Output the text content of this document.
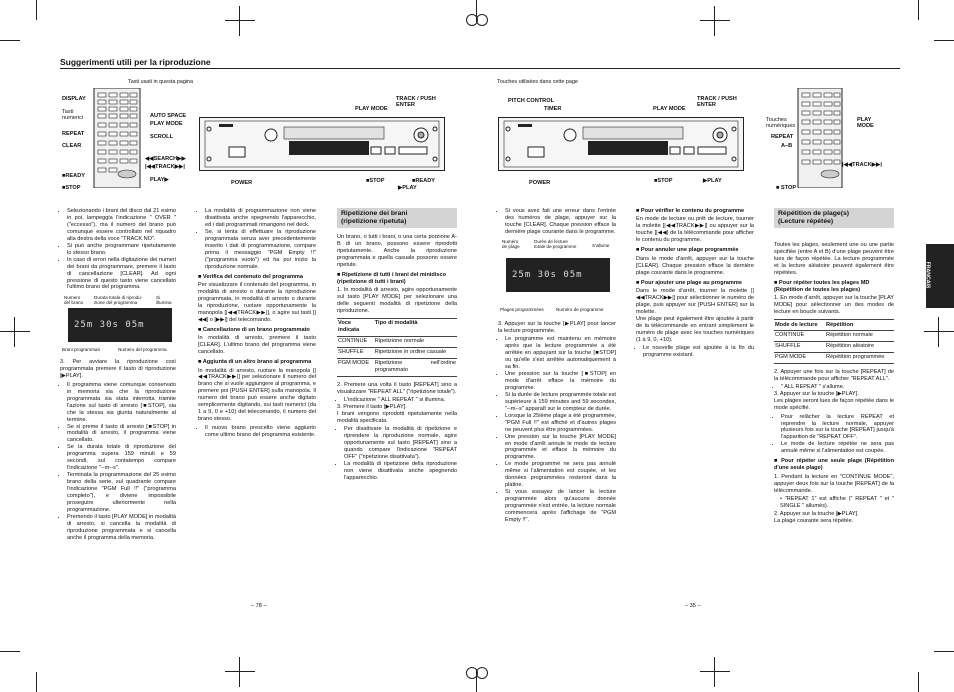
Suggerimenti utili per la riproduzione
Tasti usati in questa pagina
DISPLAY
Tasti
numerici
REPEAT
CLEAR
■READY
■STOP
AUTO SPACE
PLAY MODE
SCROLL
◀◀SEARCH▶▶
|◀◀TRACK▶▶|
PLAY▶
PLAY MODE
TRACK / PUSH
ENTER
POWER	■STOP	■READY
▶PLAY
Touches utilisées dans cette page
PITCH CONTROL
TIMER	PLAY MODE
TRACK / PUSH
ENTER
POWER	■STOP	▶PLAY
Touches
numériques
REPEAT
A–B
PLAY
MODE
|◀◀TRACK▶▶|
■ STOP
• Selezionando i brani del disco dal 21 esimo in poi, lampeggia l'indicazione " OVER " ("eccesso"), ma il numero del brano può comunque essere controllato nel riquadro alla destra della voce "TRACK NO".
• Si può anche programmare ripetutamente lo stesso brano.
• In caso di errori nella digitazione dei numeri dei brani da programmare, premere il tasto di cancellazione [CLEAR]. Ad ogni pressione di questo tasto viene cancellato l'ultimo brano del programma.
Numero
del brano
Durata totale di riprodu-
zione del programma
Si
illumina
25m 30s 05m
Brani programmati	Numero del programma

3. Per avviare la riproduzione così programmata premere il tasto di riproduzione [▶PLAY].

• Il programma viene comunque conservato in memoria sia che la riproduzione programmata sia stata interrotta tramite l'azione sul tasto di arresto [■STOP], sia che la stessa sia giunta naturalmente al termine.
• Se si preme il tasto di arresto [■STOP] in modalità di arresto, il programma viene cancellato.
• Se la durata totale di riproduzione del programma supera 159 minuti e 59 secondi, sul contatempo compare l'indicazione "--m--s".
• Terminata la programmazione del 25 esimo brano della serie, sul quadrante compare l'indicazione "PGM Full !!" ("programma completo"), e diviene impossibile proseguire ulteriormente nella programmazione.
• Premendo il tasto [PLAY MODE] in modalità di arresto, si cancella la modalità di riproduzione programmata e si cancella anche il programma della memoria.
• La modalità di programmazione non viene disattivata anche spegnendo l'apparecchio, ed i dati programmati rimangono nel deck.
• Se, si tenta di effettuare la riproduzione programmata senza aver precedentemente inserito i dati di programmazione, compare prima il messaggio "PGM Empty !!" ("programma vuoto") ed ha poi inizio la riproduzione normale.

■ Verifica del contenuto del programma

Per visualizzare il contenuto del programma, in modalità di arresto o durante la riproduzione programmata, in modalità di arresto o durante la riproduzione, ruotare opportunamente la manopola [|◀◀TRACK▶▶|], o agire sui tasti [|◀◀] o [▶▶|] del telecomando.

■ Cancellazione di un brano programmato

In modalità di arresto, premere il tasto [CLEAR]. L'ultimo brano del programma viene cancellato.

■ Aggiunta di un altro brano al programma

In modalità di arresto, ruotare la manopola [|◀◀TRACK▶▶|] per selezionare il numero del brano che si vuole aggiungere al programma, e premere poi [PUSH ENTER] sulla manopola. Il numero del brano può essere anche digitato semplicemente digitando, sui tasti numerici (da 1 a 9, 0 e +10) del telecomando, il numero del brano stesso.

• Il nuovo brano prescelto viene aggiunto come ultimo brano del programma esistente.
Ripetizione dei brani
(ripetizione ripetuta)

Un brano, o tutti i brani, o una certa porzione A-B di un brano, possono essere riprodotti ripetutamente. Anche la riproduzione programmata e quella casuale possono essere ripetute.

■ Ripetizione di tutti i brani del minidisco
(ripetizione di tutti i brani)

1. In modalità di arresto, agire opportunamente sul tasto [PLAY MODE] per selezionare una delle seguenti modalità di ripetizione della riproduzione.

Voce indicata	Tipo di modalità
CONTINUE	Ripetizione normale
SHUFFLE	Ripetizione in ordine casuale
PGM MODE	Ripetizione nell'ordine programmato

2. Premere una volta il tasto [REPEAT] sino a visualizzare "REPEAT ALL" ("ripetizione totale").

• L'indicazione " ALL REPEAT " si illumina.

3. Premere il tasto [▶PLAY].
I brani vengono riprodotti ripetutamente nella modalità specificata.

• Per disattivare la modalità di ripetizione e riprendere la riproduzione normale, agire opportunamente sul tasto [REPEAT] sino a quando compare l'indicazione "REPEAT OFF" ("ripetizione disattivata").
• La modalità di ripetizione della riproduzione non viene disattivata anche spegnendo l'apparecchio.
– 78 –
• Si vous avez fait une erreur dans l'entrée des numéros de plage, appuyer sur la touche [CLEAR]. Chaque pression efface la dernière plage courante dans le programme.
Numéro
de plage
Durée de lecture
totale de programme	S'allume
25m 30s 05m
Plages programmées	Numéro de programme

3. Appuyer sur la touche [▶PLAY] pour lancer la lecture programmée.

• Le programme est maintenu en mémoire après que la lecture programmée a été arrêtée en appuyant sur la touche [■STOP] ou qu'elle s'est arrêtée automatiquement à sa fin.
• Une pression sur la touche [■STOP] en mode d'arrêt efface la mémoire du programme.
• Si la durée de lecture programmée totale est supérieure à 159 minutes and 59 secondes, "--m--s" apparaît sur le compteur de durée.
• Lorsque la 25ième plage a été programmée, "PGM Full !!" est affiché et d'autres plages ne peuvent plus être programmées.
• Une pression sur la touche [PLAY MODE] en mode d'arrêt annule le mode de lecture programmée et efface la mémoire du programme.
• Le mode programmé ne sera pas annulé même si l'alimentation est coupée, et les données programmées resteront dans la platine.
• Si vous essayez de lancer la lecture programmée alors qu'aucune donnée programmée n'est entrée, la lecture normale commencera après l'affichage de "PGM Empty !!".

■ Pour vérifier le contenu du programme

En mode de lecture ou prêt de lecture, tourner la molette [|◀◀TRACK▶▶|] ou appuyer sur la touche [|◀◀] de la télécommande pour afficher le contenu du programme.

■ Pour annuler une plage programmée

Dans le mode d'arrêt, appuyer sur la touche [CLEAR]. Chaque pression efface la dernière plage courante dans le programme.

■ Pour ajouter une plage au programme

Dans le mode d'arrêt, tourner la molette [|◀◀TRACK▶▶|] pour sélectionner le numéro de plage, puis appuyer sur [PUSH ENTER] sur la molette.
Une plage peut également être ajoutée à partir de la télécommande en entrant simplement le numéro de plage avec les touches numériques (1 à 9, 0, +10).

• Le nouvelle plage est ajoutée à la fin du programme existant.
Répétition de plage(s)
(Lecture répétée)

Toutes les plages, seulement une ou une partie spécifiée (entre A et B) d'une plage peuvent être lues de façon répétée. La lecture programmée et la lecture aléatoire peuvent également être répétées.

■ Pour répéter toutes les plages MD
(Répétition de toutes les plages)

1. En mode d'arrêt, appuyer sur la touche [PLAY MODE] pour sélectionner un des modes de lecture en boucle suivants.

Mode de lecture	Répétition
CONTINUE	Répétition normale
SHUFFLE	Répétition aléatoire
PGM MODE	Répétition programmée

2. Appuyer une fois sur la touche [REPEAT] de la télécommande pour afficher "REPEAT ALL".

• " ALL REPEAT " s'allume.

3. Appuyer sur la touche [▶PLAY].
Les plages seront lues de façon répétée dans le mode spécifié.

• Pour relâcher la lecture REPEAT et reprendre la lecture normale, appuyer plusieurs fois sur la touche [REPEAT] jusqu'à l'apparition de "REPEAT OFF".
• Le mode de lecture répétée ne sera pas annulé même si l'alimentation est coupée.

■ Pour répéter une seule plage (Répétition d'une seule plage)

1. Pendant la lecture en "CONTINUE MODE", appuyer deux fois sur la touche [REPEAT] de la télécommande.

• "REPEAT 1" est affiche (" REPEAT " et " SINGLE " allumés).

2. Appuyer sur la touche [▶PLAY].
La plage courante sera répétée.

– 35 –
FRANÇAIS
